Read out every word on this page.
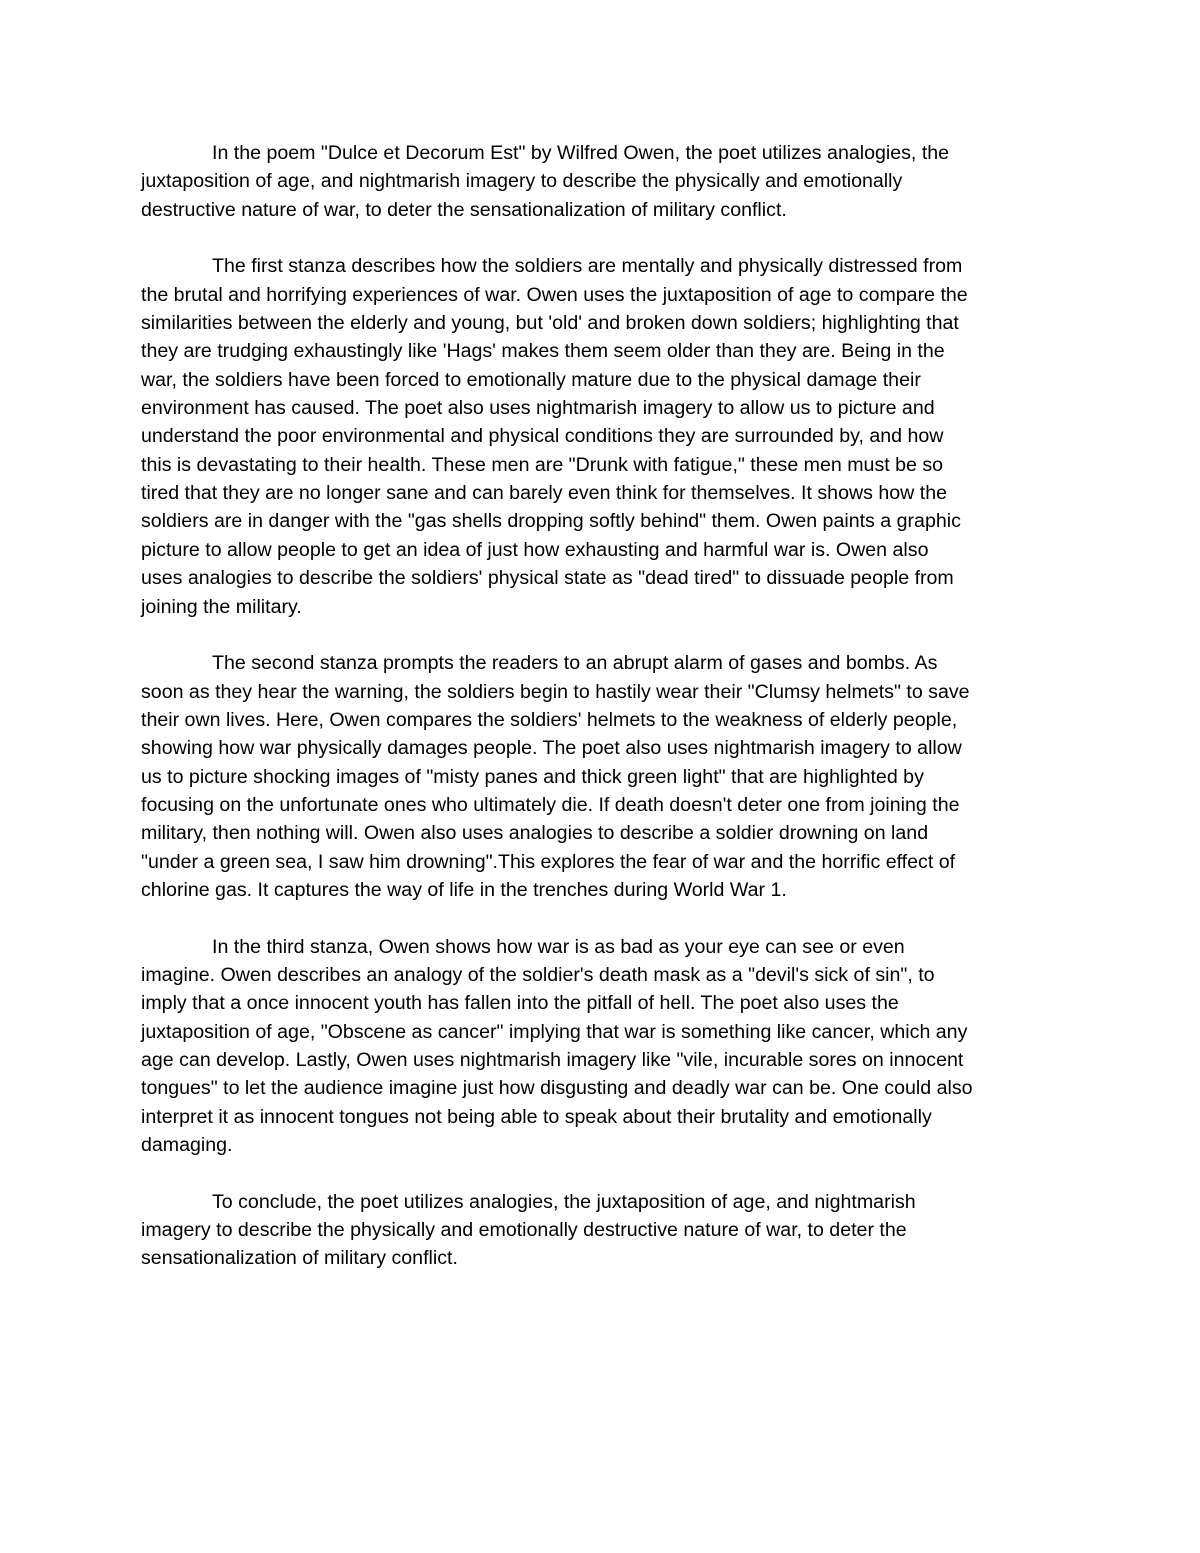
In the poem "Dulce et Decorum Est" by Wilfred Owen, the poet utilizes analogies, the
juxtaposition of age, and nightmarish imagery to describe the physically and emotionally
destructive nature of war, to deter the sensationalization of military conflict.
The first stanza describes how the soldiers are mentally and physically distressed from
the brutal and horrifying experiences of war. Owen uses the juxtaposition of age to compare the
similarities between the elderly and young, but 'old' and broken down soldiers; highlighting that
they are trudging exhaustingly like 'Hags' makes them seem older than they are. Being in the
war, the soldiers have been forced to emotionally mature due to the physical damage their
environment has caused. The poet also uses nightmarish imagery to allow us to picture and
understand the poor environmental and physical conditions they are surrounded by, and how
this is devastating to their health. These men are "Drunk with fatigue," these men must be so
tired that they are no longer sane and can barely even think for themselves. It shows how the
soldiers are in danger with the "gas shells dropping softly behind" them. Owen paints a graphic
picture to allow people to get an idea of just how exhausting and harmful war is. Owen also
uses analogies to describe the soldiers' physical state as "dead tired" to dissuade people from
joining the military.
The second stanza prompts the readers to an abrupt alarm of gases and bombs. As
soon as they hear the warning, the soldiers begin to hastily wear their "Clumsy helmets" to save
their own lives. Here, Owen compares the soldiers' helmets to the weakness of elderly people,
showing how war physically damages people. The poet also uses nightmarish imagery to allow
us to picture shocking images of "misty panes and thick green light" that are highlighted by
focusing on the unfortunate ones who ultimately die. If death doesn't deter one from joining the
military, then nothing will. Owen also uses analogies to describe a soldier drowning on land
"under a green sea, I saw him drowning".This explores the fear of war and the horrific effect of
chlorine gas. It captures the way of life in the trenches during World War 1.
In the third stanza, Owen shows how war is as bad as your eye can see or even
imagine. Owen describes an analogy of the soldier's death mask as a "devil's sick of sin", to
imply that a once innocent youth has fallen into the pitfall of hell. The poet also uses the
juxtaposition of age, "Obscene as cancer" implying that war is something like cancer, which any
age can develop. Lastly, Owen uses nightmarish imagery like "vile, incurable sores on innocent
tongues" to let the audience imagine just how disgusting and deadly war can be. One could also
interpret it as innocent tongues not being able to speak about their brutality and emotionally
damaging.
To conclude, the poet utilizes analogies, the juxtaposition of age, and nightmarish
imagery to describe the physically and emotionally destructive nature of war, to deter the
sensationalization of military conflict.
